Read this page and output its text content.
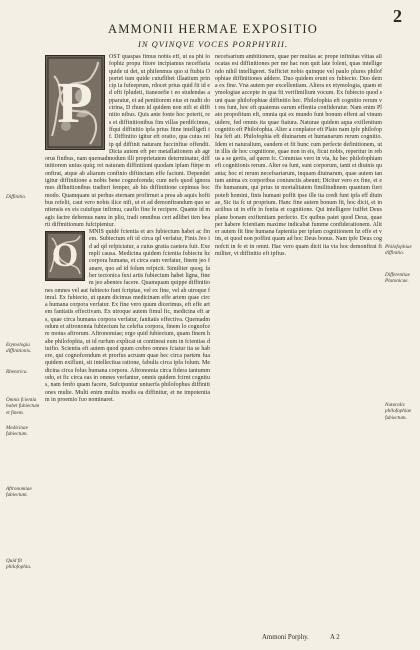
2
AMMONII HERMAE EXPOSITIO
IN QVINQVE VOCES PORPHYRII.
P

OST quaspas fimus nobis eff, ut ea phi lofophiz propu ftiore incipiamus neceffaria quide ui det, ut phifenmus quo si ftubia Oportet tum quide cuiuflibet illaatium princip ia fufeeprum, rdocet prius quid fit id ed ofti fpludeti, itaneoefie t eo studendas apparatur, et ad penitiorem eius et nudit doctrina, D rhum id quidem non nifi et diffinitio nibus. Quis ante fonte hoc poterit, res et diffinitionibus fim villas perdifcimus, ffqui diffinitio ipfa prius fitne intelligefi tf. Diffinitio igitur eft oratio, qua cuius rei ip qd diffinit naturam fuccinfiue offendit. Dicta autem eft per metaflationem ab agrorus finibus, nam quemadmodum illi proprietatem determinatur, diffinitiorem unius quiq; rei naturam diffinitioni quodam ipfam ftirpe monftrat, atque ab aliarum confinio diftinctam effe faciunt. Dependet igitur diffinitione a nobis bene cognofcenda; cum nefs quod ignorames difhnitionibus tradieri femper, ab his diffinitione cepimus boc modo. Quamquam ut perhus eternam profirmet a prea ab aquis hoftibus refelit, caut vero nobis ilice nifi, ut et ad demonftrandum quo sentiensis ex eis cuiufque infirmu, cauflo fine fe recipere. Quante id magis factre debemus nanu in pliu, tradi omnibus cert adlibet tien bearti diffmitionum fufcipientur.

O

MNIS quidē fcientia et ars fubiectum habet ac finem. Subiectum eft id circa qd verfatur, Finis Jeo id ad qd refpiciatur, a cuius gratia caetera fuit. Exempli causa. Medicina quidem fcientia fubiectu hz corpora humana, et circa eam verfatur, finem jeo fanare, quo ad id folum refpicit. Similiter quoq; faber tectonica fuxi artis fubiectum habet ligna, finem jeo abentes facere. Quamquam quippe diffinitiones omnes vel aut fubiecto funt fcriptae, vel ex fine, vel ab utroque fimul. Ex fubiecto, ut quum dicimus medicinam effe artem quae circa humana corpora verfatur. Ex fine vero quum dicerimus, eft effe artem fanitatis effectivam. Ex utroque autem fimul fic, medicina eft ars, quae circa humana corpora verfatur, fanitatis effectiva. Quemadmodum et aftronomia fubiectum hz celefta corpora, finem lo cognofcere motus aftrorum. Aftronomiae; ergo quid fubiectum, quam finem habe philofophia, ut id rurfum explicat ut contineat eum in fcientias diuifio. Scientia eft autem quod quum crebro omnes fciatur ita se habere, qui cognofcendum et prorfus acruam quae hec circa partem fua quidem exiflunt, sit intellectiua ratione, fabulis circa ipfa folum. Medicina circa folus humana corpora. Aftronomia circa fidera tantummodo, et fic circa eas in omnes verfantur, omnis quidem fcirnt cognitus, nam fenfo quam facere, Sufcipuntur uniuerfa philofophus diffinitiones multe. Multi enim multis modis ea diffinitur, et ne impotentiam in proemio fuo nominaret.

necefsarium ambitionem, quae per multas ac prope infinitas vittas allocatas est diffinitiones per me hac non quit late folent, quas intelligendo nihil intelligeret. Sufficiet nobis quinque vel paulo plures philofophiae diffinitiones addere. Duo quidem erunt ex fubiecto. Duo dein a ex fine. Vna autem per excellentiam. Altera ex etymologia, quam etymologiae accepte in qua fit verifimilium vocum. Ex fubiecto quod sunt quae philofophiae diffinitio hec. Philofophia eft cognitio rerum vt res funt, hoc eft quatenus earum effentia confideratur. Nam enim Plato propofitum eft, omnia qui ex mundo funt bonum effent ad vinum uidere, fed omnis ita quae ftatura. Naturae quidem aqua exiflentium cognitio eft Philofophia. Alter a conplator eft Plato nam ipfe philofophia fefi ait. Philofophia eft diuinarum et humanarum rerum cognitio. Idem et naturalium, eandem et fit hunc cum perfecte definitionem, ut in illis de hoc cognitione, quae non in eis, ficut nobis, reperitur in rebus a se gertis, ad quem fc. Commias vero in via, hz hec philofophiam eft cognitionis rerum. Alter ea funt, sunt corporum, tanti et diuinis quanta; hoc et rerum necefsariarum, inquam diuinarum, quae autem tantum anima ex corporibus coniunctis abeunt; Dicitur vero ex fine, et effe humanum, qui prius in mortalitatem fimilitudinem quantum fieri poteft homini, finis humani poffit ipse ille ita credi funt ipfa eff diuinae, Sic ita fc ut proprium. Hanc fine autem bonum fit, hoc dicit, et in actibus ut in effe in fentia et cognitione. Qui intelligere fuiffet Deus plane bonam exiftentiam perfecto. Ex quibus patet quod Deus, quae per habere fcientiam maxime indicabat fumme confiderationem. Aliter autem fit fine humana fapientia per ipfam cognitionem hz effe et vim, et quod non poffint quam ad hoc Deus bonus. Nam ipfe Deus cognofcit in fe et in omni. Hac vero quam dicit ita via hoc demonftrat fimiliter, vt diffinitio eft ipfius.

Diffinitio.
Etymologia diffinitionis.
Rhetorica.
Omnis fcientia habet fubiectum et finem.
Medicinae fubiectum.
Aftronomiae fubiectum.
Quid fit philofophia.
Philofophiae diffinitio.
Differentiae Platonicae.
Naturalis philofophiae fubiectum.
Ammoni Porphy.	A 2
